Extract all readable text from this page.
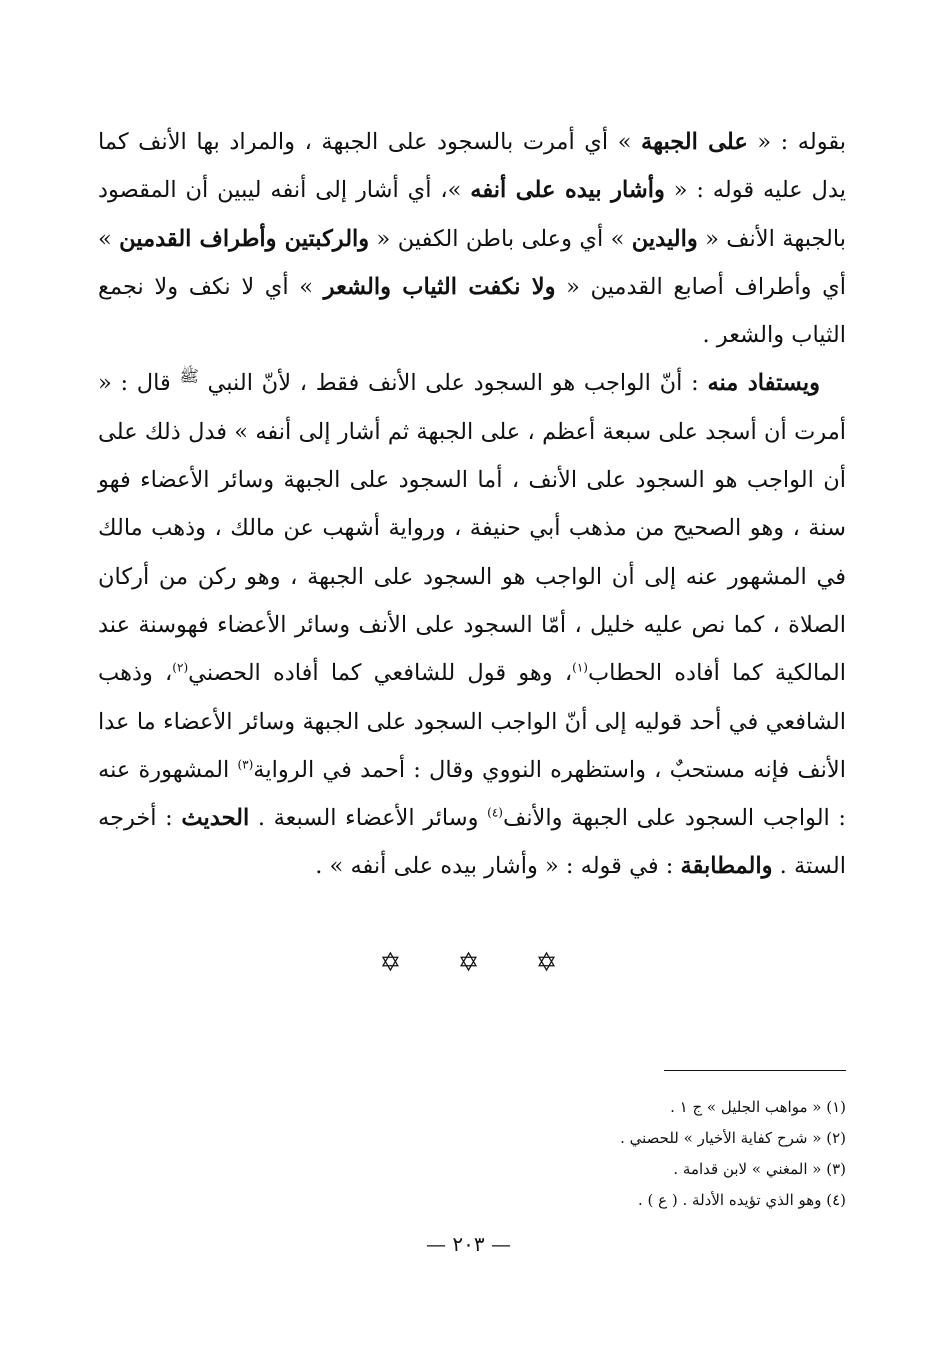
بقوله : « على الجبهة » أي أمرت بالسجود على الجبهة ، والمراد بها الأنف كما يدل عليه قوله : « وأشار بيده على أنفه »، أي أشار إلى أنفه ليبين أن المقصود بالجبهة الأنف « واليدين » أي وعلى باطن الكفين « والركبتين وأطراف القدمين » أي وأطراف أصابع القدمين « ولا نكفت الثياب والشعر » أي لا نكف ولا نجمع الثياب والشعر .

ويستفاد منه : أنّ الواجب هو السجود على الأنف فقط ، لأنّ النبي $^ﷺ$ قال : « أمرت أن أسجد على سبعة أعظم ، على الجبهة ثم أشار إلى أنفه » فدل ذلك على أن الواجب هو السجود على الأنف ، أما السجود على الجبهة وسائر الأعضاء فهو سنة ، وهو الصحيح من مذهب أبي حنيفة ، ورواية أشهب عن مالك ، وذهب مالك في المشهور عنه إلى أن الواجب هو السجود على الجبهة ، وهو ركن من أركان الصلاة ، كما نص عليه خليل ، أمّا السجود على الأنف وسائر الأعضاء فهوسنة عند المالكية كما أفاده الحطاب$^{(١)}$، وهو قول للشافعي كما أفاده الحصني$^{(٢)}$، وذهب الشافعي في أحد قوليه إلى أنّ الواجب السجود على الجبهة وسائر الأعضاء ما عدا الأنف فإنه مستحبٌ ، واستظهره النووي وقال : أحمد في الرواية$^{(٣)}$ المشهورة عنه : الواجب السجود على الجبهة والأنف$^{(٤)}$ وسائر الأعضاء السبعة . الحديث : أخرجه الستة . والمطابقة : في قوله : « وأشار بيده على أنفه » .

✡ ✡ ✡

(١) « مواهب الجليل » ج ١ .

(٢) « شرح كفاية الأخيار » للحصني .

(٣) « المغني » لابن قدامة .

(٤) وهو الذي تؤيده الأدلة . ( ع ) .

— ٢٠٣ —
